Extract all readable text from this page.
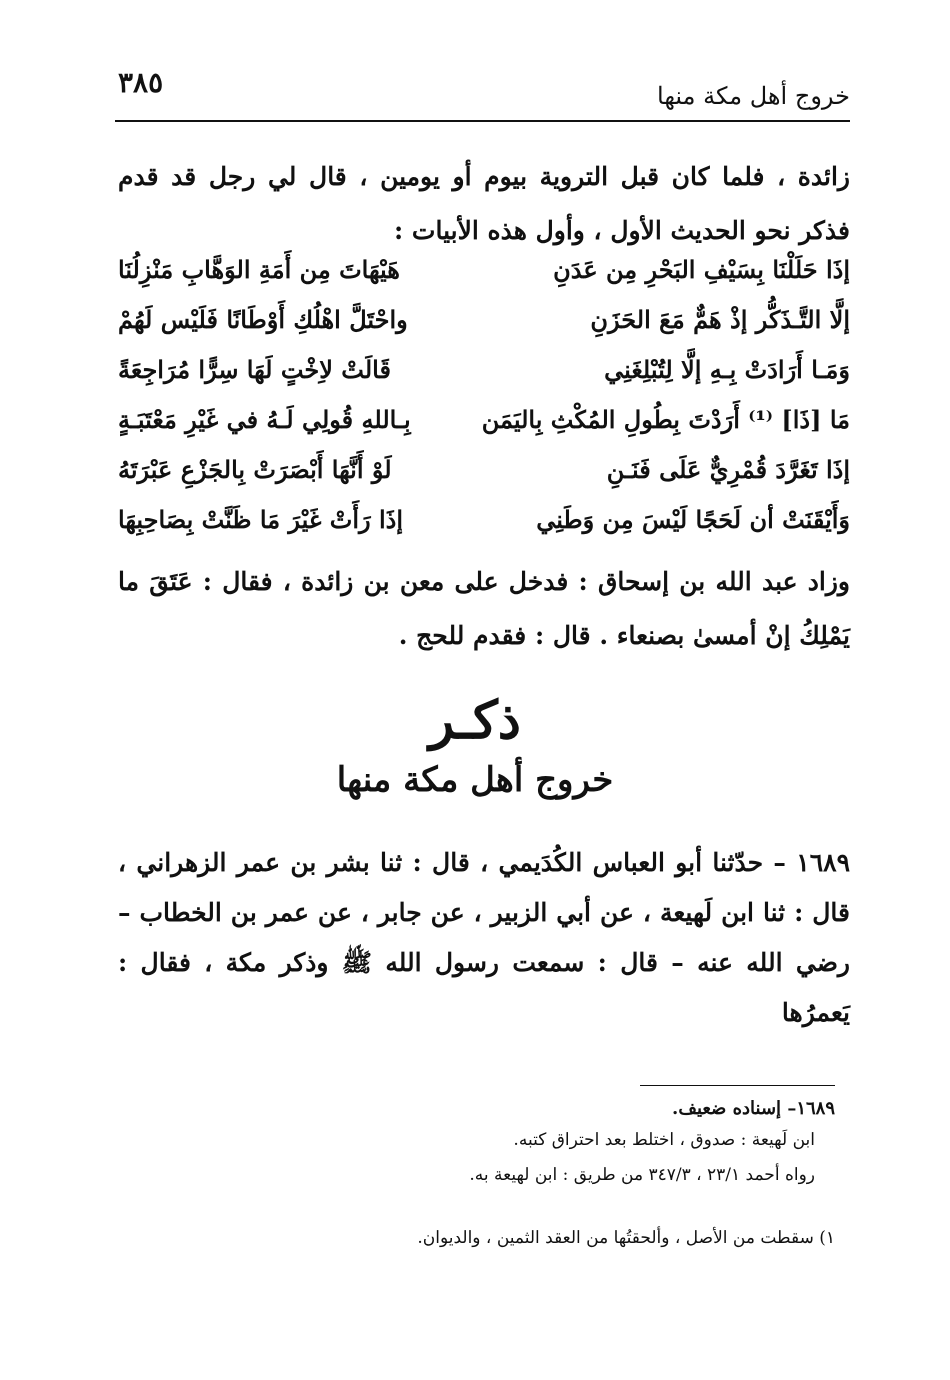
خروج أهل مكة منها
٣٨٥

زائدة ، فلما كان قبل التروية بيوم أو يومين ، قال لي رجل قد قدم فذكر نحو الحديث الأول ، وأول هذه الأبيات :

إذَا حَلَلْنَا بِسَيْفِ البَحْرِ مِن عَدَنِ
هَيْهَاتَ مِن أَمَةِ الوَهَّابِ مَنْزِلُنَا
إلَّا التَّـذَكُّر إذْ هَمٌّ مَعَ الحَزَنِ
واحْتَلَّ اهْلُكِ أَوْطَانًا فَلَيْس لَهُمْ
وَمَـا أَرَادَتْ بِـهِ إلَّا لِتُبْلِغَنِي
قَالَتْ لاِخْتٍ لَهَا سِرًّا مُرَاجِعَةً
مَا [ذَا] ⁽¹⁾ أَرَدْتَ بِطُولِ المُكْثِ بِاليَمَن
بِـاللهِ قُولِي لَـهُ في غَيْرِ مَعْتَبَـةٍ
إذَا تَغَرَّدَ قُمْرِيٌّ عَلَى فَنَـنِ
لَوْ أَنَّهَا أَبْصَرَتْ بِالجَزْعِ عَبْرَتَهُ
وَأَيْقَنَتْ أن لَحَجًا لَيْسَ مِن وَطَنِي
إذَا رَأَتْ غَيْرَ مَا ظَنَّتْ بِصَاحِبِهَا

وزاد عبد الله بن إسحاق : فدخل على معن بن زائدة ، فقال : عَتَقَ ما يَمْلِكُ إنْ أمسىٰ بصنعاء . قال : فقدم للحج .

ذكـر
خروج أهل مكة منها

١٦٨٩ – حدّثنا أبو العباس الكُدَيمي ، قال : ثنا بشر بن عمر الزهراني ، قال : ثنا ابن لَهيعة ، عن أبي الزبير ، عن جابر ، عن عمر بن الخطاب – رضي الله عنه – قال : سمعت رسول الله ﷺ وذكر مكة ، فقال : يَعمرُها

١٦٨٩– إسناده ضعيف.
ابن لَهيعة : صدوق ، اختلط بعد احتراق كتبه.
رواه أحمد ٢٣/١ ، ٣٤٧/٣ من طريق : ابن لهيعة به.
١) سقطت من الأصل ، وألحقتُها من العقد الثمين ، والديوان.
